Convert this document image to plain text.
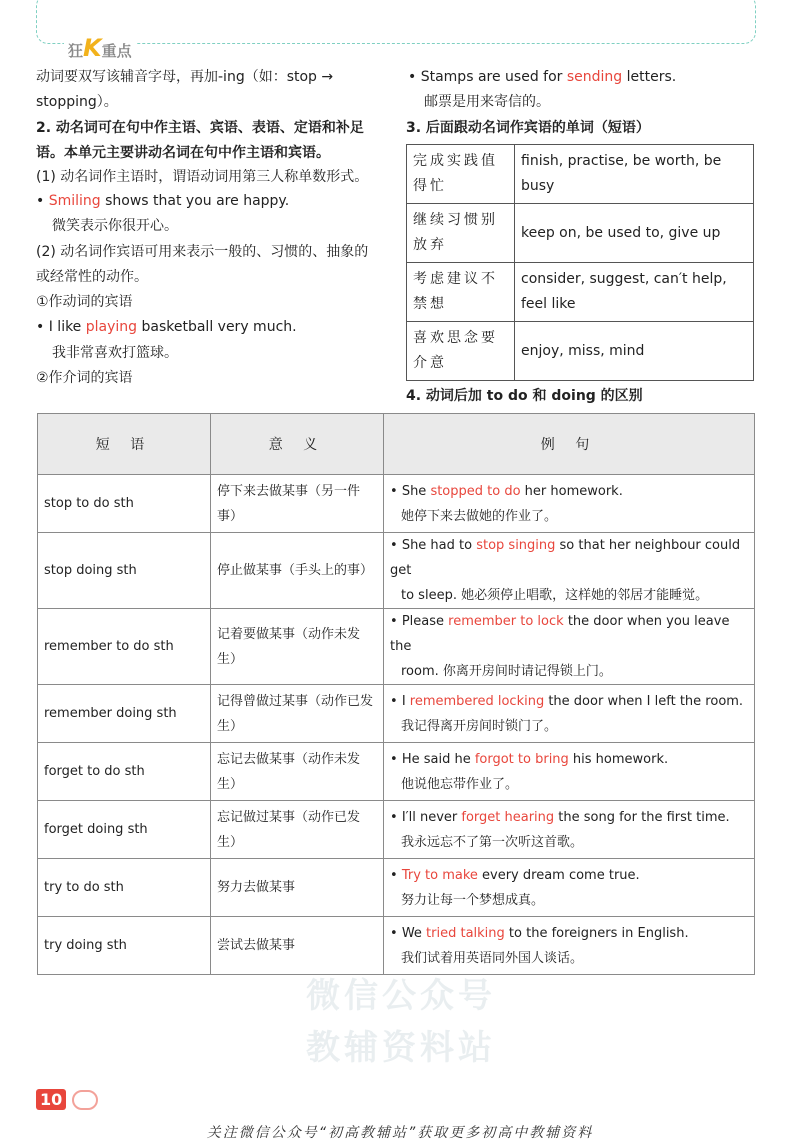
狂K重点
微信公众号
教辅资料站
动词要双写该辅音字母，再加-ing（如：stop →
stopping）。
2. 动名词可在句中作主语、宾语、表语、定语和补足
语。本单元主要讲动名词在句中作主语和宾语。
(1) 动名词作主语时，谓语动词用第三人称单数形式。
• Smiling shows that you are happy.
微笑表示你很开心。
(2) 动名词作宾语可用来表示一般的、习惯的、抽象的
或经常性的动作。
①作动词的宾语
• I like playing basketball very much.
我非常喜欢打篮球。
②作介词的宾语
• Stamps are used for sending letters.
邮票是用来寄信的。
3. 后面跟动名词作宾语的单词（短语）
完成实践值得忙	finish, practise, be worth, be busy
继续习惯别放弃	keep on, be used to, give up
考虑建议不禁想	consider, suggest, can′t help, feel like
喜欢思念要介意	enjoy, miss, mind
4. 动词后加 to do 和 doing 的区别
短 语	意 义	例 句
stop to do sth	停下来去做某事（另一件事）	• She stopped to do her homework.
她停下来去做她的作业了。

stop doing sth	停止做某事（手头上的事）	• She had to stop singing so that her neighbour could get
to sleep. 她必须停止唱歌，这样她的邻居才能睡觉。

remember to do sth	记着要做某事（动作未发生）	• Please remember to lock the door when you leave the
room. 你离开房间时请记得锁上门。

remember doing sth	记得曾做过某事（动作已发生）	• I remembered locking the door when I left the room.
我记得离开房间时锁门了。

forget to do sth	忘记去做某事（动作未发生）	• He said he forgot to bring his homework.
他说他忘带作业了。

forget doing sth	忘记做过某事（动作已发生）	• I′ll never forget hearing the song for the first time.
我永远忘不了第一次听这首歌。

try to do sth	努力去做某事	• Try to make every dream come true.
努力让每一个梦想成真。

try doing sth	尝试去做某事	• We tried talking to the foreigners in English.
我们试着用英语同外国人谈话。
10
关注微信公众号“初高教辅站”获取更多初高中教辅资料
